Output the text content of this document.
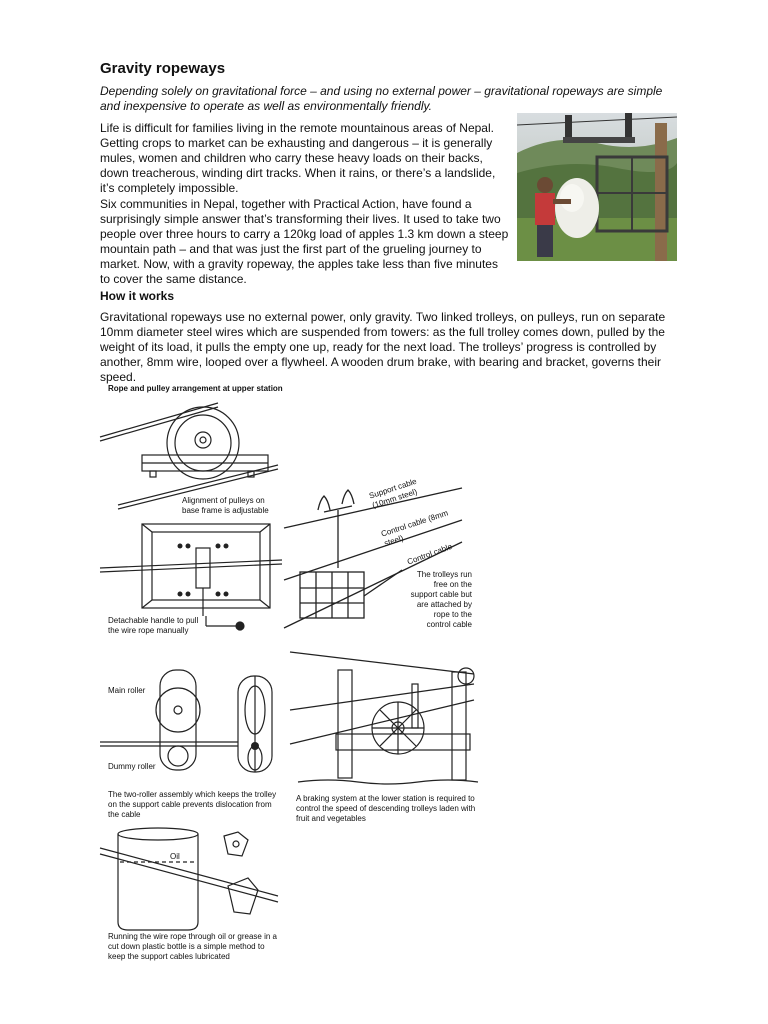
Gravity ropeways

Depending solely on gravitational force – and using no external power – gravitational ropeways are simple and inexpensive to operate as well as environmentally friendly.

Life is difficult for families living in the remote mountainous areas of Nepal. Getting crops to market can be exhausting and dangerous – it is generally mules, women and children who carry these heavy loads on their backs, down treacherous, winding dirt tracks. When it rains, or there’s a landslide, it’s completely impossible.

Six communities in Nepal, together with Practical Action, have found a surprisingly simple answer that’s transforming their lives. It used to take two people over three hours to carry a 120kg load of apples 1.3 km down a steep mountain path – and that was just the first part of the grueling journey to market. Now, with a gravity ropeway, the apples take less than five minutes to cover the same distance.

How it works

Gravitational ropeways use no external power, only gravity. Two linked trolleys, on pulleys, run on separate 10mm diameter steel wires which are suspended from towers: as the full trolley comes down, pulled by the weight of its load, it pulls the empty one up, ready for the next load. The trolleys’ progress is controlled by another, 8mm wire, looped over a flywheel. A wooden drum brake, with bearing and bracket, governs their speed.

Rope and pulley arrangement at upper station

Alignment of pulleys on base frame is adjustable

Detachable handle to pull the wire rope manually

Support cable (10mm steel)

Control cable (8mm steel)

Control cable

The trolleys run free on the support cable but are attached by rope to the control cable

Main roller

Dummy roller

The two-roller assembly which keeps the trolley on the support cable prevents dislocation from the cable

A braking system at the lower station is required to control the speed of descending trolleys laden with fruit and vegetables

Oil

Running the wire rope through oil or grease in a cut down plastic bottle is a simple method to keep the support cables lubricated
